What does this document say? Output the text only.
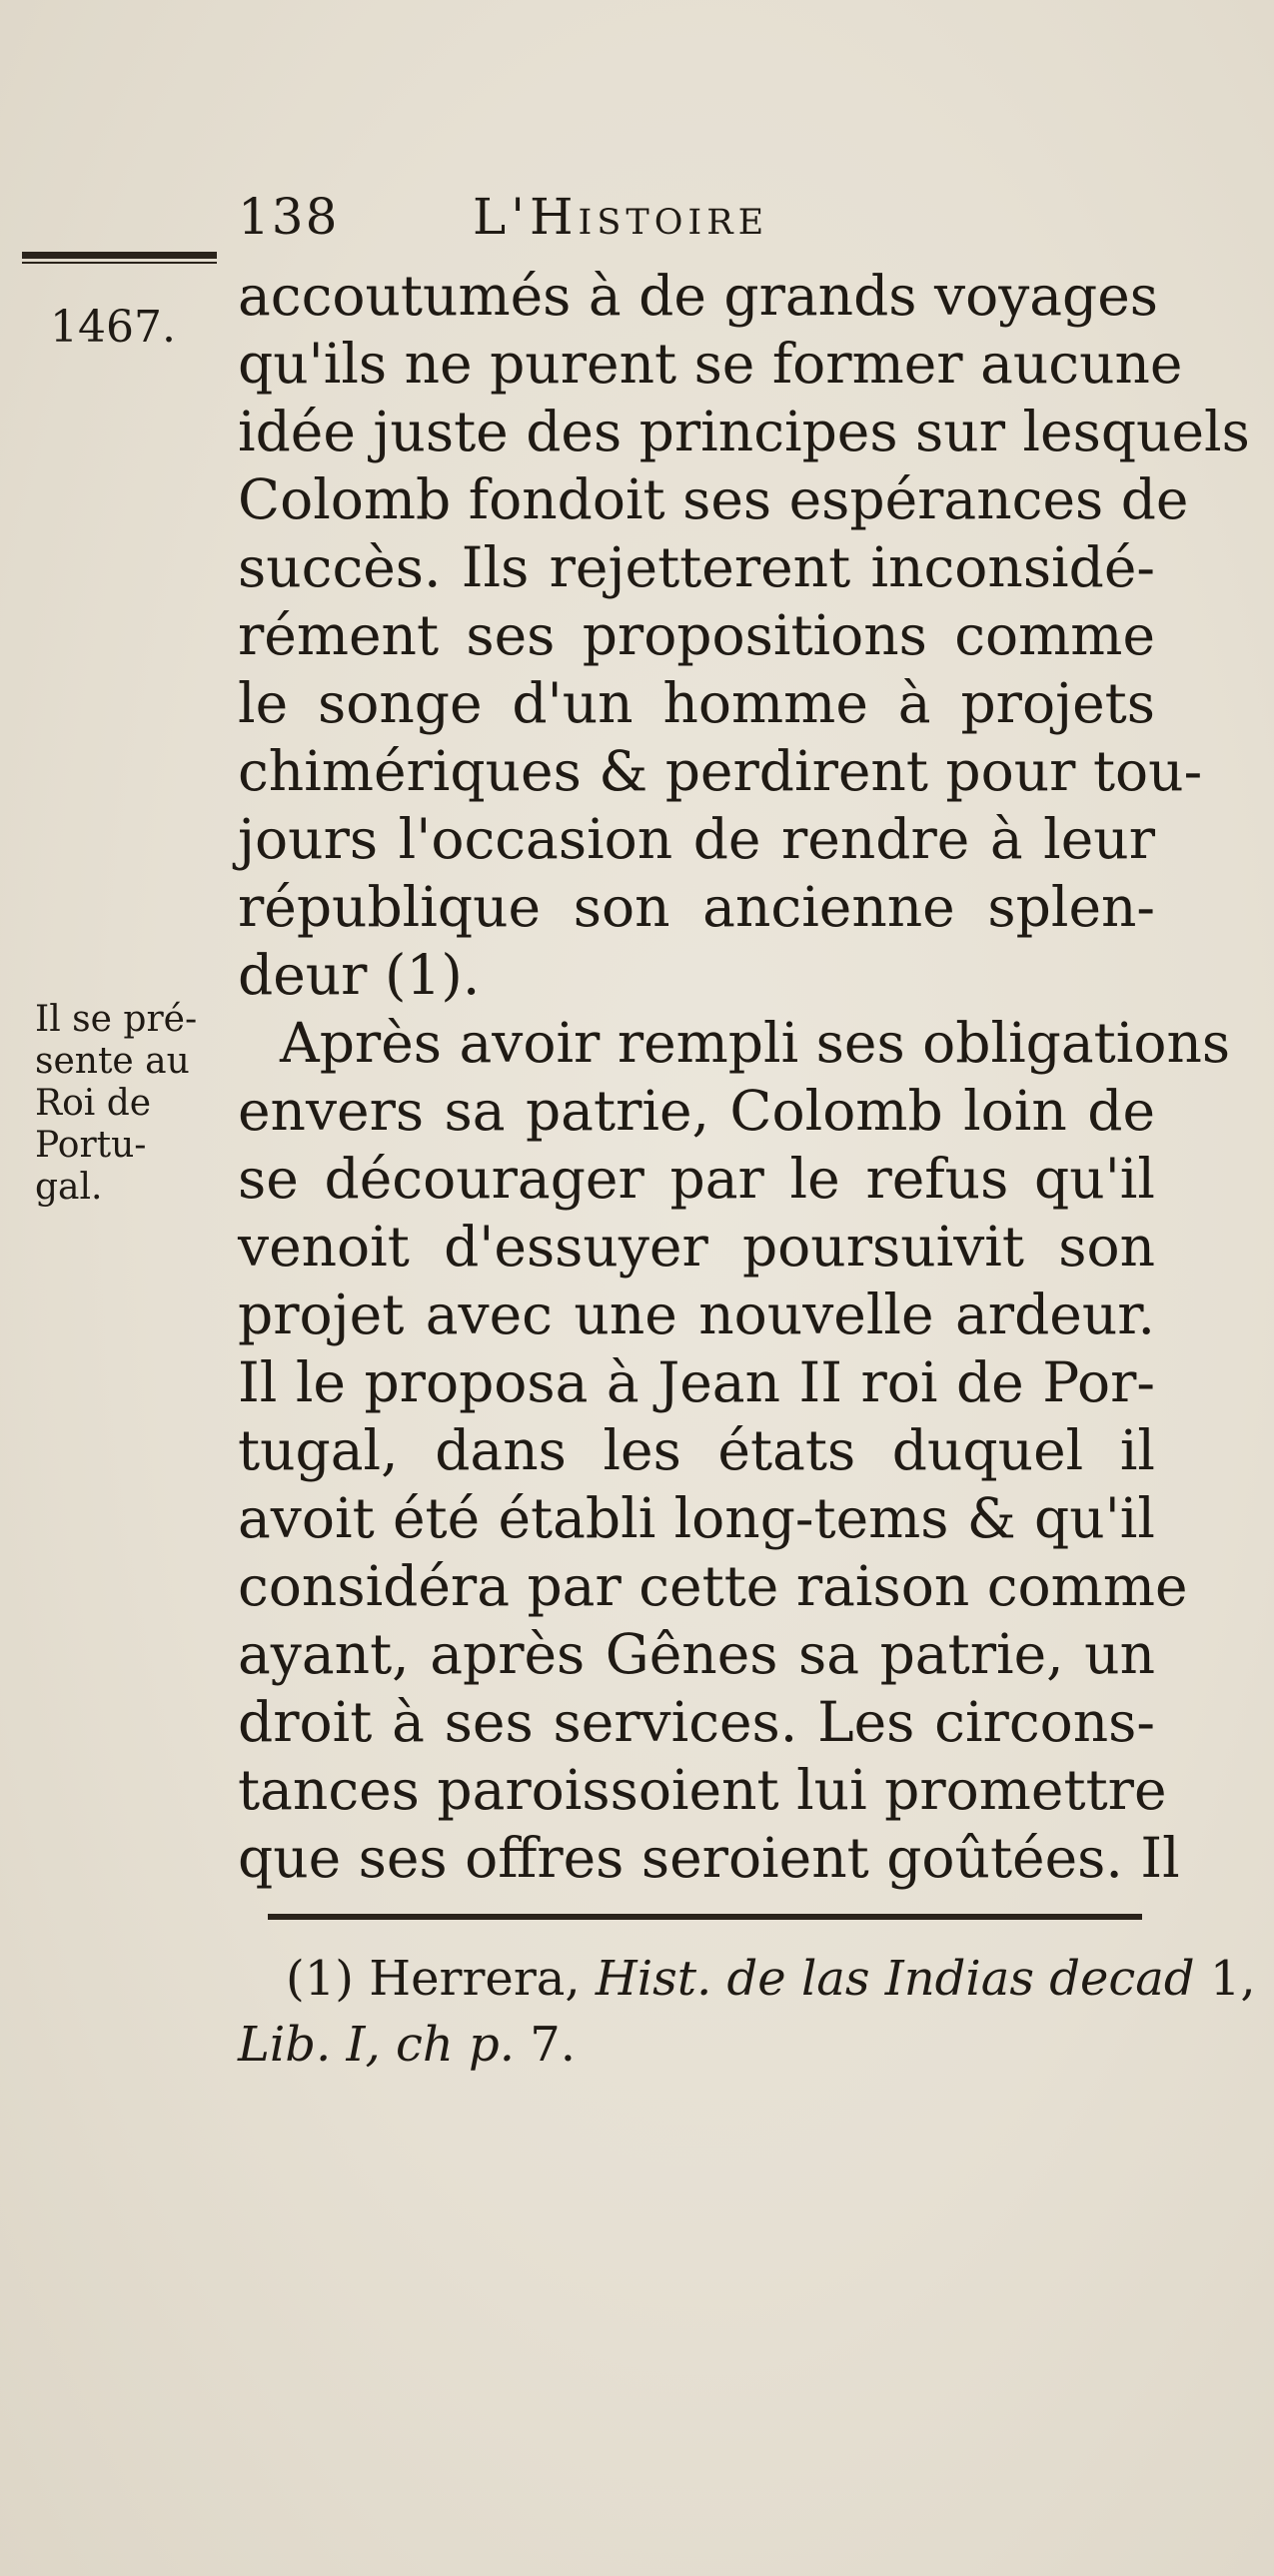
138	L'Histoire
1467.
Il se pré-
sente au
Roi de
Portu-
gal.
accoutumés à de grands voyages
qu'ils ne purent se former aucune
idée juste des principes sur lesquels
Colomb fondoit ses espérances de
succès. Ils rejetterent inconsidé-
rément ses propositions comme
le songe d'un homme à projets
chimériques & perdirent pour tou-
jours l'occasion de rendre à leur
république son ancienne splen-
deur (1).
Après avoir rempli ses obligations
envers sa patrie, Colomb loin de
se décourager par le refus qu'il
venoit d'essuyer poursuivit son
projet avec une nouvelle ardeur.
Il le proposa à Jean II roi de Por-
tugal, dans les états duquel il
avoit été établi long-tems & qu'il
considéra par cette raison comme
ayant, après Gênes sa patrie, un
droit à ses services. Les circons-
tances paroissoient lui promettre
que ses offres seroient goûtées. Il
(1) Herrera, Hist. de las Indias decad 1,
Lib. I, ch p. 7.
